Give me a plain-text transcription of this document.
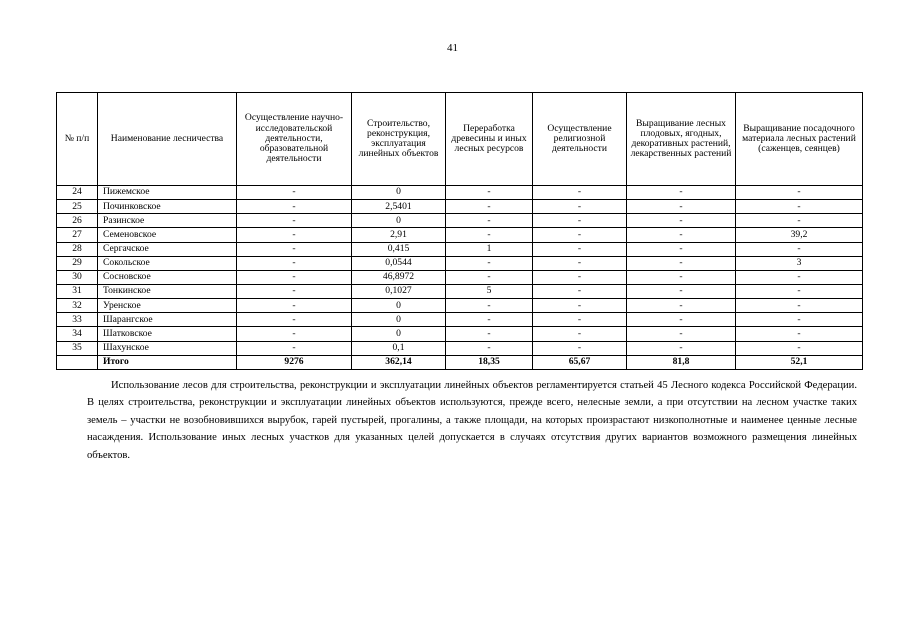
41
№ п/п	Наименование лесничества	Осуществление научно-исследовательской деятельности, образовательной деятельности	Строительство, реконструкция, эксплуатация линейных объектов	Переработка древесины и иных лесных ресурсов	Осуществление религиозной деятельности	Выращивание лесных плодовых, ягодных, декоративных растений, лекарственных растений	Выращивание посадочного материала лесных растений (саженцев, сеянцев)
24	Пижемское	-	0	-	-	-	-
25	Починковское	-	2,5401	-	-	-	-
26	Разинское	-	0	-	-	-	-
27	Семеновское	-	2,91	-	-	-	39,2
28	Сергачское	-	0,415	1	-	-	-
29	Сокольское	-	0,0544	-	-	-	3
30	Сосновское	-	46,8972	-	-	-	-
31	Тонкинское	-	0,1027	5	-	-	-
32	Уренское	-	0	-	-	-	-
33	Шарангское	-	0	-	-	-	-
34	Шатковское	-	0	-	-	-	-
35	Шахунское	-	0,1	-	-	-	-
	Итого	9276	362,14	18,35	65,67	81,8	52,1

Использование лесов для строительства, реконструкции и эксплуатации линейных объектов регламентируется статьей 45 Лесного кодекса Российской Федерации. В целях строительства, реконструкции и эксплуатации линейных объектов используются, прежде всего, нелесные земли, а при отсутствии на лесном участке таких земель – участки не возобновившихся вырубок, гарей пустырей, прогалины, а также площади, на которых произрастают низкополнотные и наименее ценные лесные насаждения. Использование иных лесных участков для указанных целей допускается в случаях отсутствия других вариантов возможного размещения линейных объектов.
